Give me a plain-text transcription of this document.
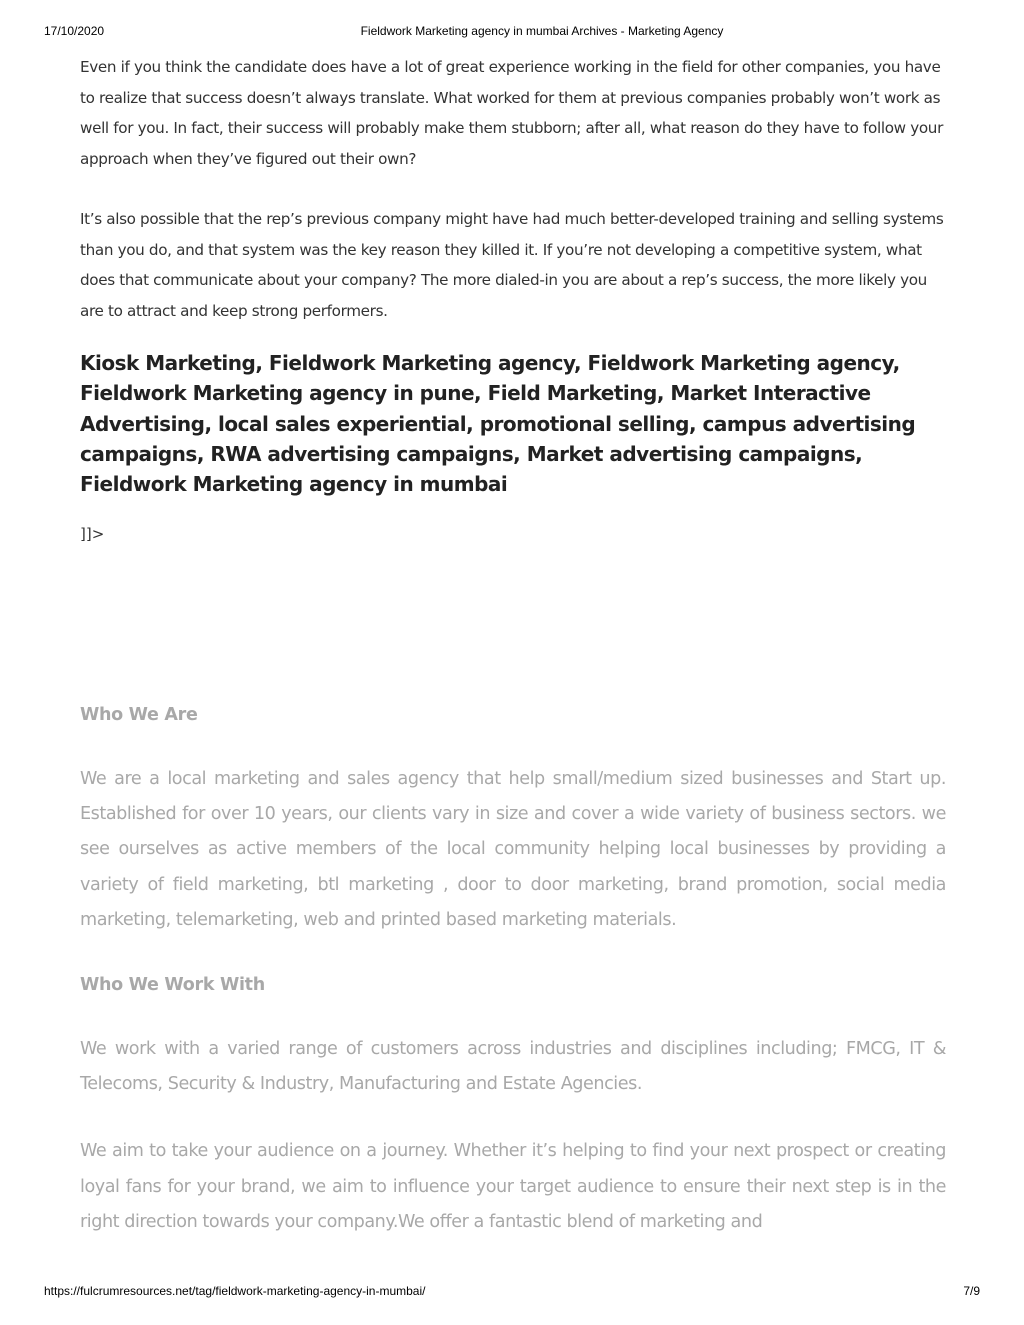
17/10/2020	Fieldwork Marketing agency in mumbai Archives - Marketing Agency

Even if you think the candidate does have a lot of great experience working in the field for other companies, you have to realize that success doesn’t always translate. What worked for them at previous companies probably won’t work as well for you. In fact, their success will probably make them stubborn; after all, what reason do they have to follow your approach when they’ve figured out their own?

It’s also possible that the rep’s previous company might have had much better-developed training and selling systems than you do, and that system was the key reason they killed it. If you’re not developing a competitive system, what does that communicate about your company? The more dialed-in you are about a rep’s success, the more likely you are to attract and keep strong performers.

Kiosk Marketing, Fieldwork Marketing agency, Fieldwork Marketing agency, Fieldwork Marketing agency in pune, Field Marketing, Market Interactive Advertising, local sales experiential, promotional selling, campus advertising campaigns, RWA advertising campaigns, Market advertising campaigns, Fieldwork Marketing agency in mumbai

]]>

Who We Are

We are a local marketing and sales agency that help small/medium sized businesses and Start up. Established for over 10 years, our clients vary in size and cover a wide variety of business sectors. we see ourselves as active members of the local community helping local businesses by providing a variety of field marketing, btl marketing , door to door marketing, brand promotion, social media marketing, telemarketing, web and printed based marketing materials.

Who We Work With

We work with a varied range of customers across industries and disciplines including; FMCG, IT & Telecoms, Security & Industry, Manufacturing and Estate Agencies.

We aim to take your audience on a journey. Whether it’s helping to find your next prospect or creating loyal fans for your brand, we aim to influence your target audience to ensure their next step is in the right direction towards your company.We offer a fantastic blend of marketing and

https://fulcrumresources.net/tag/fieldwork-marketing-agency-in-mumbai/	7/9
